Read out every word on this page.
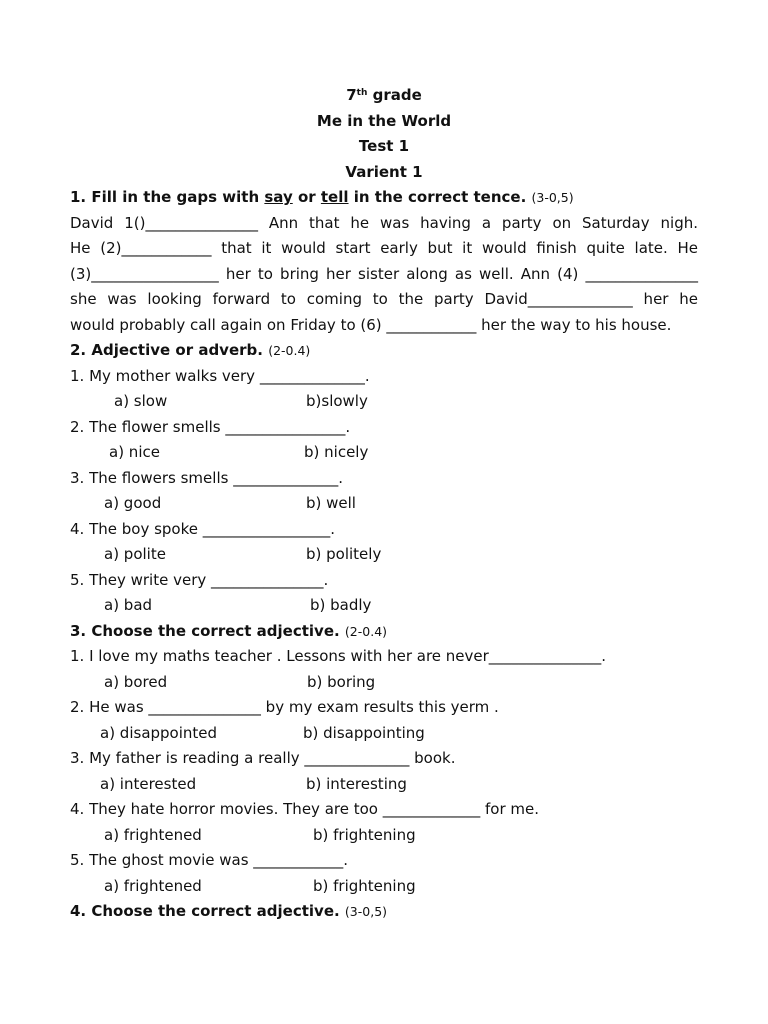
7th grade
Me in the World
Test 1
Varient 1
1. Fill in the gaps with say or tell in the correct tence. (3-0,5)
David 1()_______________ Ann that he was having a party on Saturday nigh.
He (2)____________ that it would start early but it would finish quite late. He
(3)_________________ her to bring her sister along as well. Ann (4) _______________
she was looking forward to coming to the party David______________ her he
would probably call again on Friday to (6) ____________ her the way to his house.
2. Adjective or adverb. (2-0.4)
1. My mother walks very ______________.
a) slow	b)slowly
2. The flower smells ________________.
a) nice	b) nicely
3. The flowers smells ______________.
a) good	b) well
4. The boy spoke _________________.
a) polite	b) politely
5. They write very _______________.
a) bad	b) badly
3. Choose the correct adjective. (2-0.4)
1. I love my maths teacher . Lessons with her are never_______________.
a) bored	b) boring
2. He was _______________ by my exam results this yerm .
a) disappointed	b) disappointing
3. My father is reading a really ______________ book.
a) interested	b) interesting
4. They hate horror movies. They are too _____________ for me.
a) frightened	b) frightening
5. The ghost movie was ____________.
a) frightened	b) frightening
4. Choose the correct adjective. (3-0,5)
